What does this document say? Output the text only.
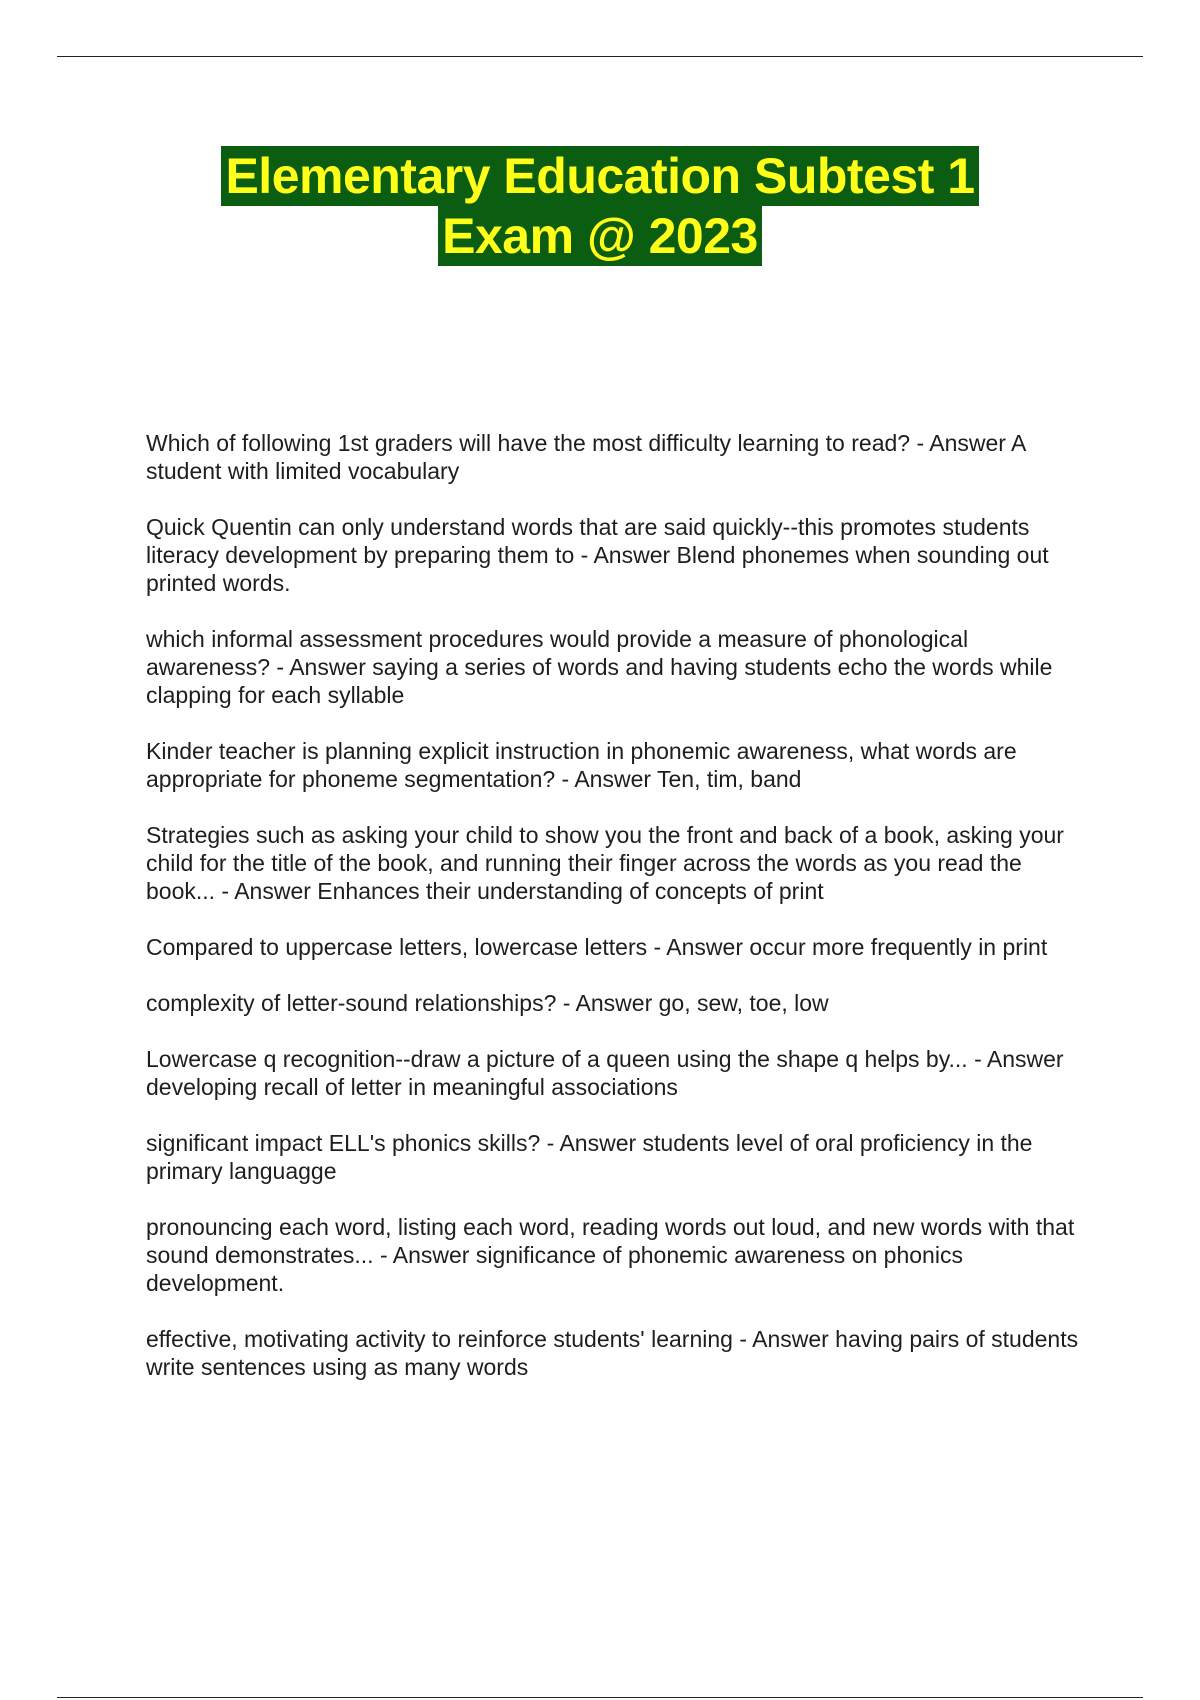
Elementary Education Subtest 1
Exam @ 2023

Which of following 1st graders will have the most difficulty learning to read? - Answer A student with limited vocabulary

Quick Quentin can only understand words that are said quickly--this promotes students literacy development by preparing them to - Answer Blend phonemes when sounding out printed words.

which informal assessment procedures would provide a measure of phonological awareness? - Answer saying a series of words and having students echo the words while clapping for each syllable

Kinder teacher is planning explicit instruction in phonemic awareness, what words are appropriate for phoneme segmentation? - Answer Ten, tim, band

Strategies such as asking your child to show you the front and back of a book, asking your child for the title of the book, and running their finger across the words as you read the book... - Answer Enhances their understanding of concepts of print

Compared to uppercase letters, lowercase letters - Answer occur more frequently in print

complexity of letter-sound relationships? - Answer go, sew, toe, low

Lowercase q recognition--draw a picture of a queen using the shape q helps by... - Answer developing recall of letter in meaningful associations

significant impact ELL's phonics skills? - Answer students level of oral proficiency in the primary languagge

pronouncing each word, listing each word, reading words out loud, and new words with that sound demonstrates... - Answer significance of phonemic awareness on phonics development.

effective, motivating activity to reinforce students' learning - Answer having pairs of students write sentences using as many words
